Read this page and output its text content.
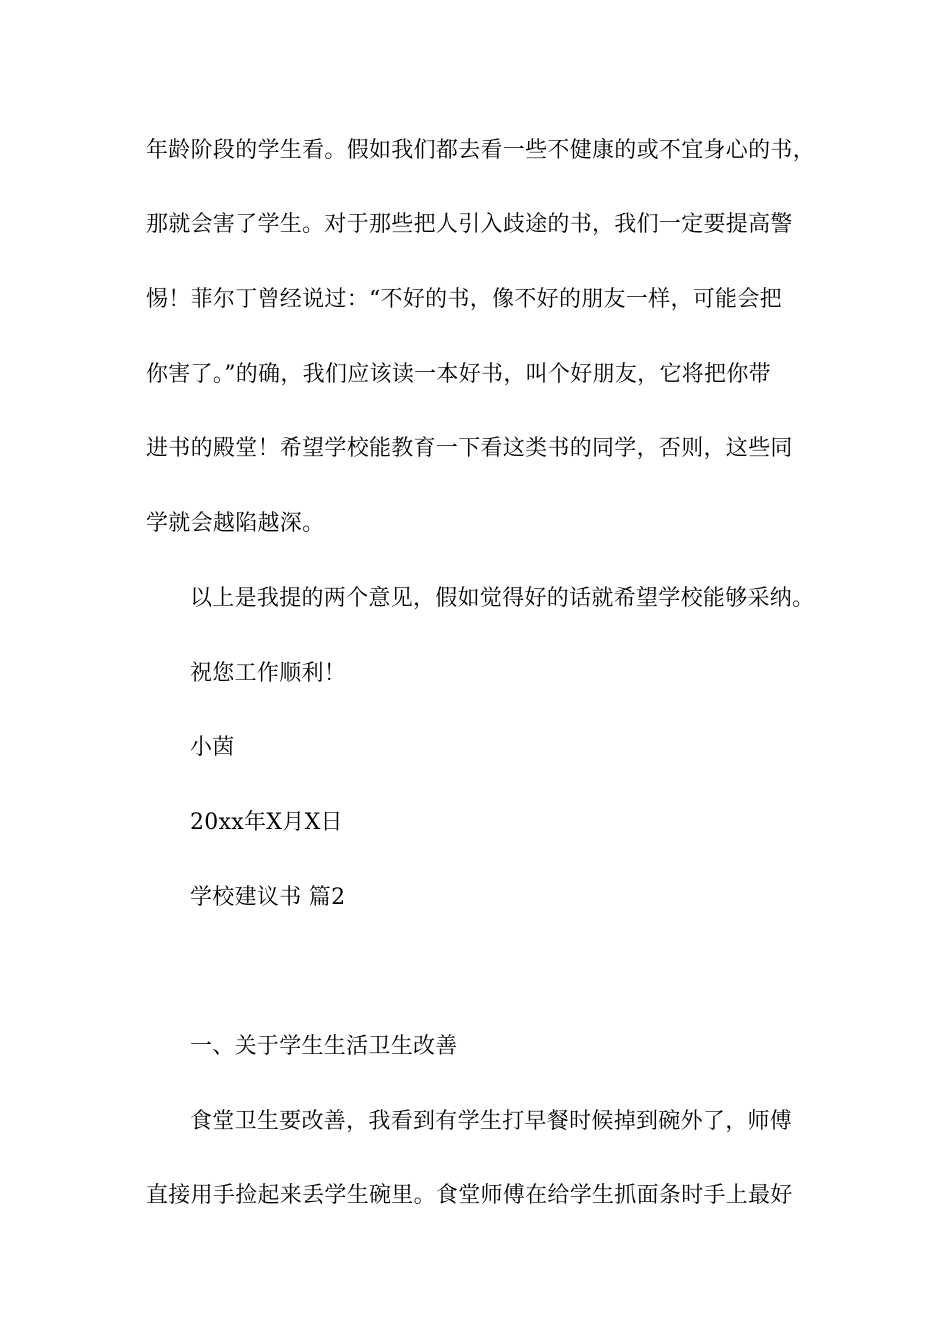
年龄阶段的学生看。假如我们都去看一些不健康的或不宜身心的书，
那就会害了学生。对于那些把人引入歧途的书，我们一定要提高警
惕！菲尔丁曾经说过：“不好的书，像不好的朋友一样，可能会把
你害了。”的确，我们应该读一本好书，叫个好朋友，它将把你带
进书的殿堂！希望学校能教育一下看这类书的同学，否则，这些同
学就会越陷越深。
以上是我提的两个意见，假如觉得好的话就希望学校能够采纳。
祝您工作顺利！
小茵
20xx年X月X日
学校建议书 篇2
一、关于学生生活卫生改善
食堂卫生要改善，我看到有学生打早餐时候掉到碗外了，师傅
直接用手捡起来丢学生碗里。食堂师傅在给学生抓面条时手上最好
